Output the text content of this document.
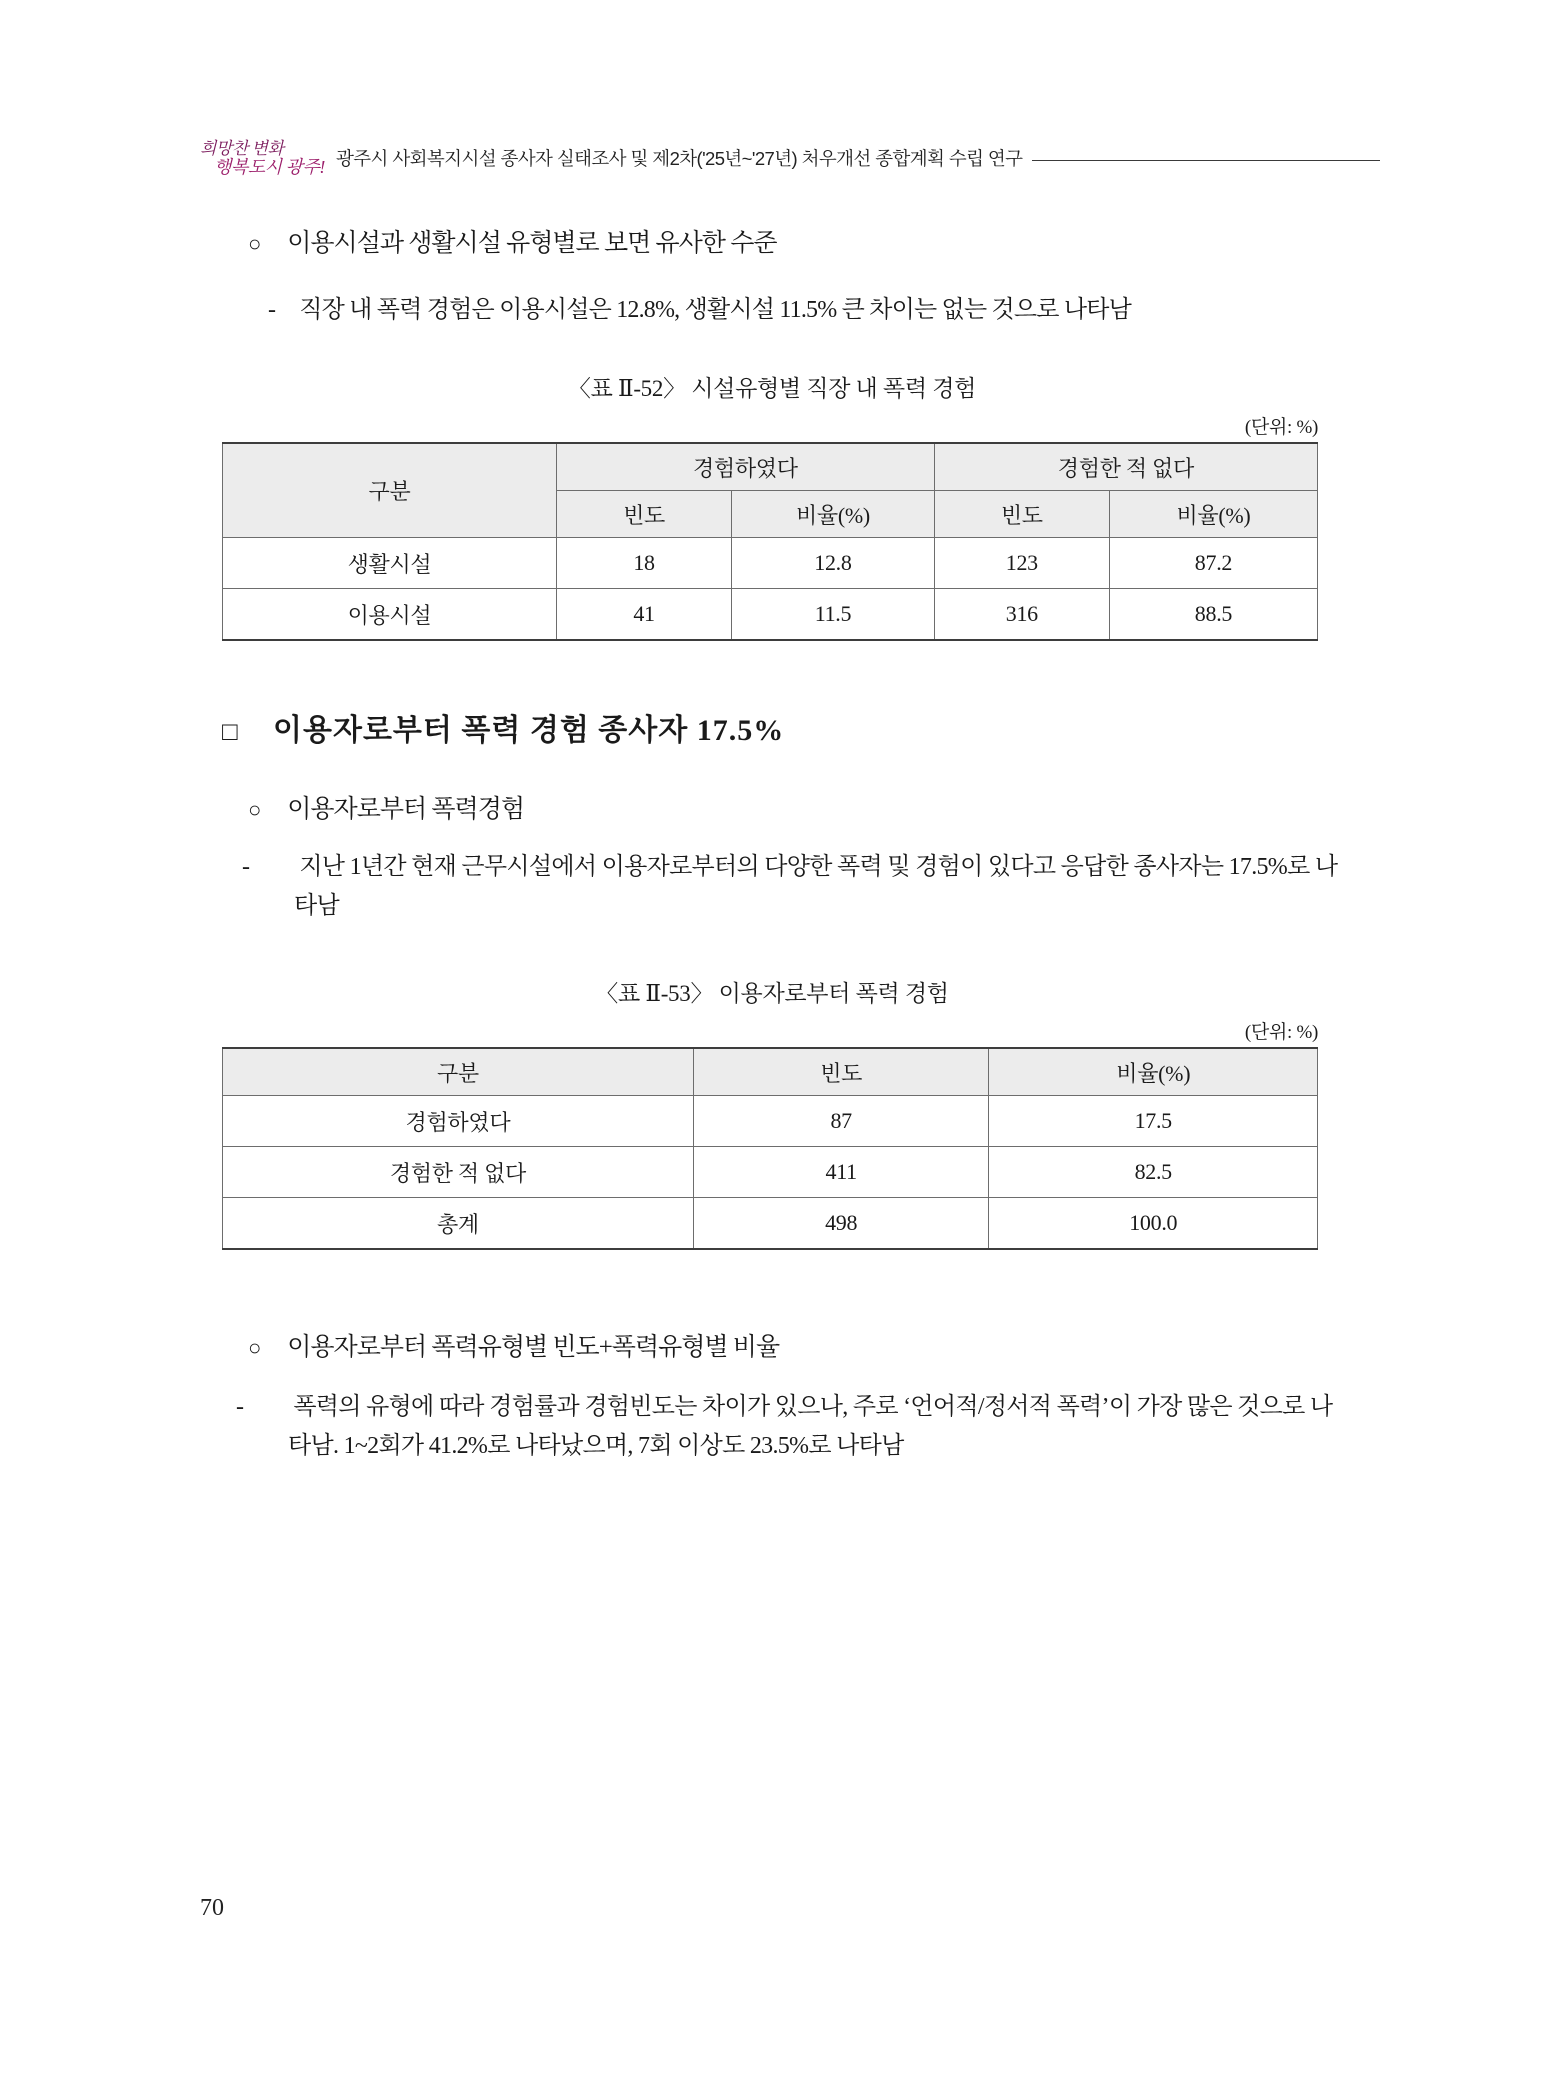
희망찬 변화
행복도시 광주! 광주시 사회복지시설 종사자 실태조사 및 제2차('25년~'27년) 처우개선 종합계획 수립 연구
○ 이용시설과 생활시설 유형별로 보면 유사한 수준
- 직장 내 폭력 경험은 이용시설은 12.8%, 생활시설 11.5% 큰 차이는 없는 것으로 나타남
〈표 Ⅱ-52〉 시설유형별 직장 내 폭력 경험
(단위: %)
구분	경험하였다		경험한 적 없다	
	빈도	비율(%)	빈도	비율(%)
생활시설	18	12.8	123	87.2
이용시설	41	11.5	316	88.5
□ 이용자로부터 폭력 경험 종사자 17.5%
○ 이용자로부터 폭력경험
- 지난 1년간 현재 근무시설에서 이용자로부터의 다양한 폭력 및 경험이 있다고 응답한 종사자는 17.5%로 나타남
〈표 Ⅱ-53〉 이용자로부터 폭력 경험
(단위: %)
구분	빈도	비율(%)
경험하였다	87	17.5
경험한 적 없다	411	82.5
총계	498	100.0
○ 이용자로부터 폭력유형별 빈도+폭력유형별 비율
- 폭력의 유형에 따라 경험률과 경험빈도는 차이가 있으나, 주로 ‘언어적/정서적 폭력’이 가장 많은 것으로 나타남. 1~2회가 41.2%로 나타났으며, 7회 이상도 23.5%로 나타남
70
